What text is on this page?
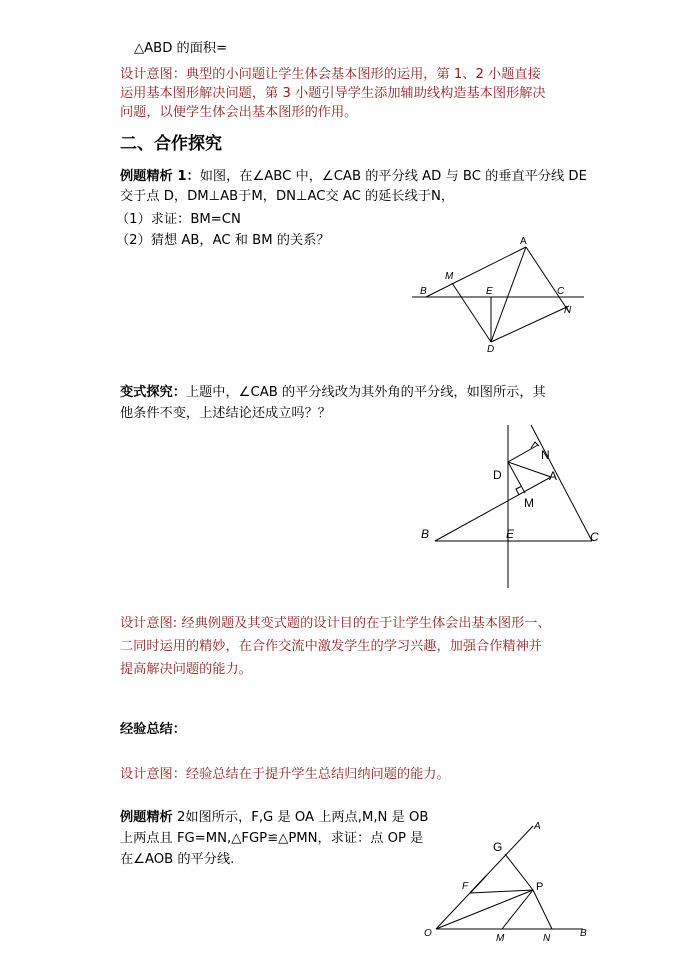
△ABD 的面积=
设计意图：典型的小问题让学生体会基本图形的运用，第 1、2 小题直接
运用基本图形解决问题，第 3 小题引导学生添加辅助线构造基本图形解决
问题，以便学生体会出基本图形的作用。
二、合作探究
例题精析 1：如图，在∠ABC 中，∠CAB 的平分线 AD 与 BC 的垂直平分线 DE
交于点 D，DM⊥AB于M，DN⊥AC交 AC 的延长线于N，
（1）求证：BM=CN
（2）猜想 AB，AC 和 BM 的关系？	A
M
B	E	C
N
D
变式探究：上题中，∠CAB 的平分线改为其外角的平分线，如图所示，其
他条件不变，上述结论还成立吗？？
N
D	A
M
B	E	C
设计意图: 经典例题及其变式题的设计目的在于让学生体会出基本图形一、
二同时运用的精妙，在合作交流中激发学生的学习兴趣，加强合作精神并
提高解决问题的能力。
经验总结：
设计意图：经验总结在于提升学生总结归纳问题的能力。
例题精析 2如图所示，F,G 是 OA 上两点,M,N 是 OB
上两点且 FG=MN,△FGP≌△PMN，求证：点 OP 是
在∠AOB 的平分线.
A
G
F	P
O	M	N	B
